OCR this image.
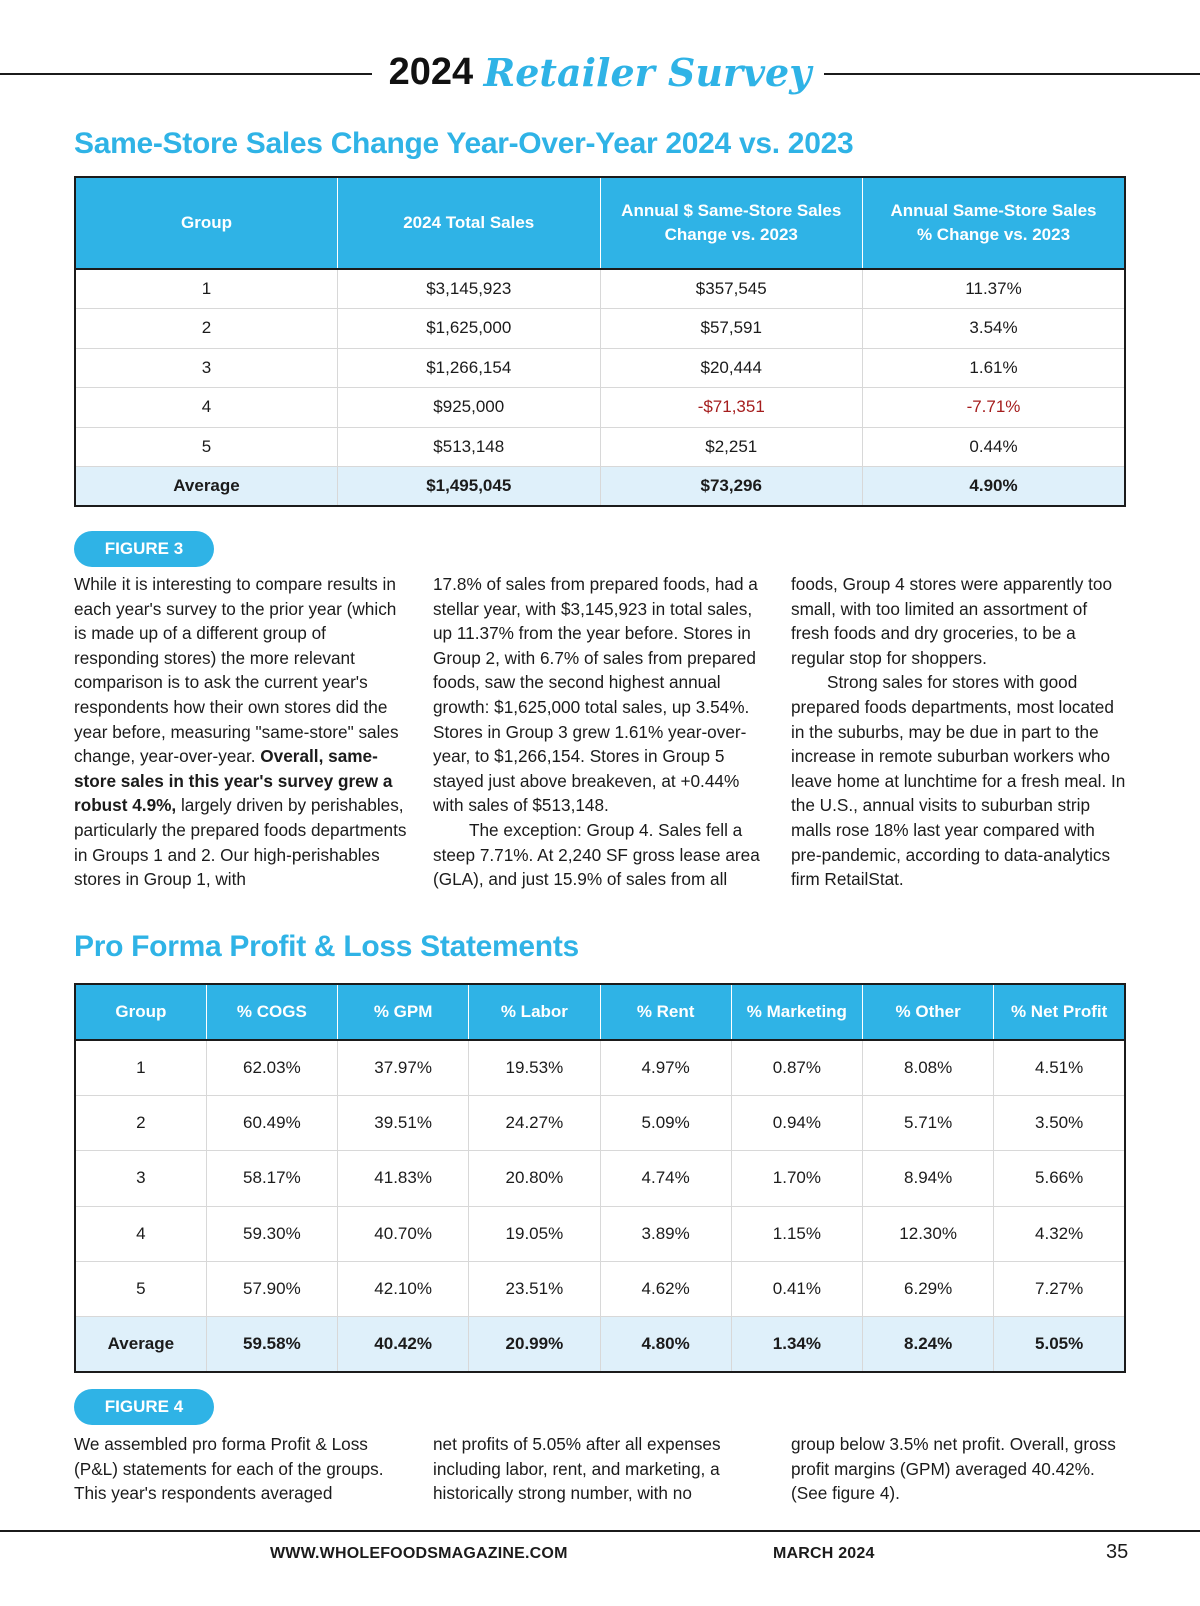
2024 Retailer Survey
Same-Store Sales Change Year-Over-Year 2024 vs. 2023
Group	2024 Total Sales	Annual $ Same-Store Sales Change vs. 2023	Annual Same-Store Sales % Change vs. 2023
1	$3,145,923	$357,545	11.37%
2	$1,625,000	$57,591	3.54%
3	$1,266,154	$20,444	1.61%
4	$925,000	-$71,351	-7.71%
5	$513,148	$2,251	0.44%
Average	$1,495,045	$73,296	4.90%
FIGURE 3

While it is interesting to compare results in each year's survey to the prior year (which is made up of a different group of responding stores) the more relevant comparison is to ask the current year's respondents how their own stores did the year before, measuring "same-store" sales change, year-over-year. Overall, same-store sales in this year's survey grew a robust 4.9%, largely driven by perishables, particularly the prepared foods departments in Groups 1 and 2. Our high-perishables stores in Group 1, with

17.8% of sales from prepared foods, had a stellar year, with $3,145,923 in total sales, up 11.37% from the year before. Stores in Group 2, with 6.7% of sales from prepared foods, saw the second highest annual growth: $1,625,000 total sales, up 3.54%. Stores in Group 3 grew 1.61% year-over-year, to $1,266,154. Stores in Group 5 stayed just above breakeven, at +0.44% with sales of $513,148.

The exception: Group 4. Sales fell a steep 7.71%. At 2,240 SF gross lease area (GLA), and just 15.9% of sales from all

foods, Group 4 stores were apparently too small, with too limited an assortment of fresh foods and dry groceries, to be a regular stop for shoppers.

Strong sales for stores with good prepared foods departments, most located in the suburbs, may be due in part to the increase in remote suburban workers who leave home at lunchtime for a fresh meal. In the U.S., annual visits to suburban strip malls rose 18% last year compared with pre-pandemic, according to data-analytics firm RetailStat.

Pro Forma Profit & Loss Statements
Group	% COGS	% GPM	% Labor	% Rent	% Marketing	% Other	% Net Profit
1	62.03%	37.97%	19.53%	4.97%	0.87%	8.08%	4.51%
2	60.49%	39.51%	24.27%	5.09%	0.94%	5.71%	3.50%
3	58.17%	41.83%	20.80%	4.74%	1.70%	8.94%	5.66%
4	59.30%	40.70%	19.05%	3.89%	1.15%	12.30%	4.32%
5	57.90%	42.10%	23.51%	4.62%	0.41%	6.29%	7.27%
Average	59.58%	40.42%	20.99%	4.80%	1.34%	8.24%	5.05%
FIGURE 4

We assembled pro forma Profit & Loss (P&L) statements for each of the groups. This year's respondents averaged

net profits of 5.05% after all expenses including labor, rent, and marketing, a historically strong number, with no

group below 3.5% net profit. Overall, gross profit margins (GPM) averaged 40.42%. (See figure 4).

WWW.WHOLEFOODSMAGAZINE.COM	MARCH 2024	35
